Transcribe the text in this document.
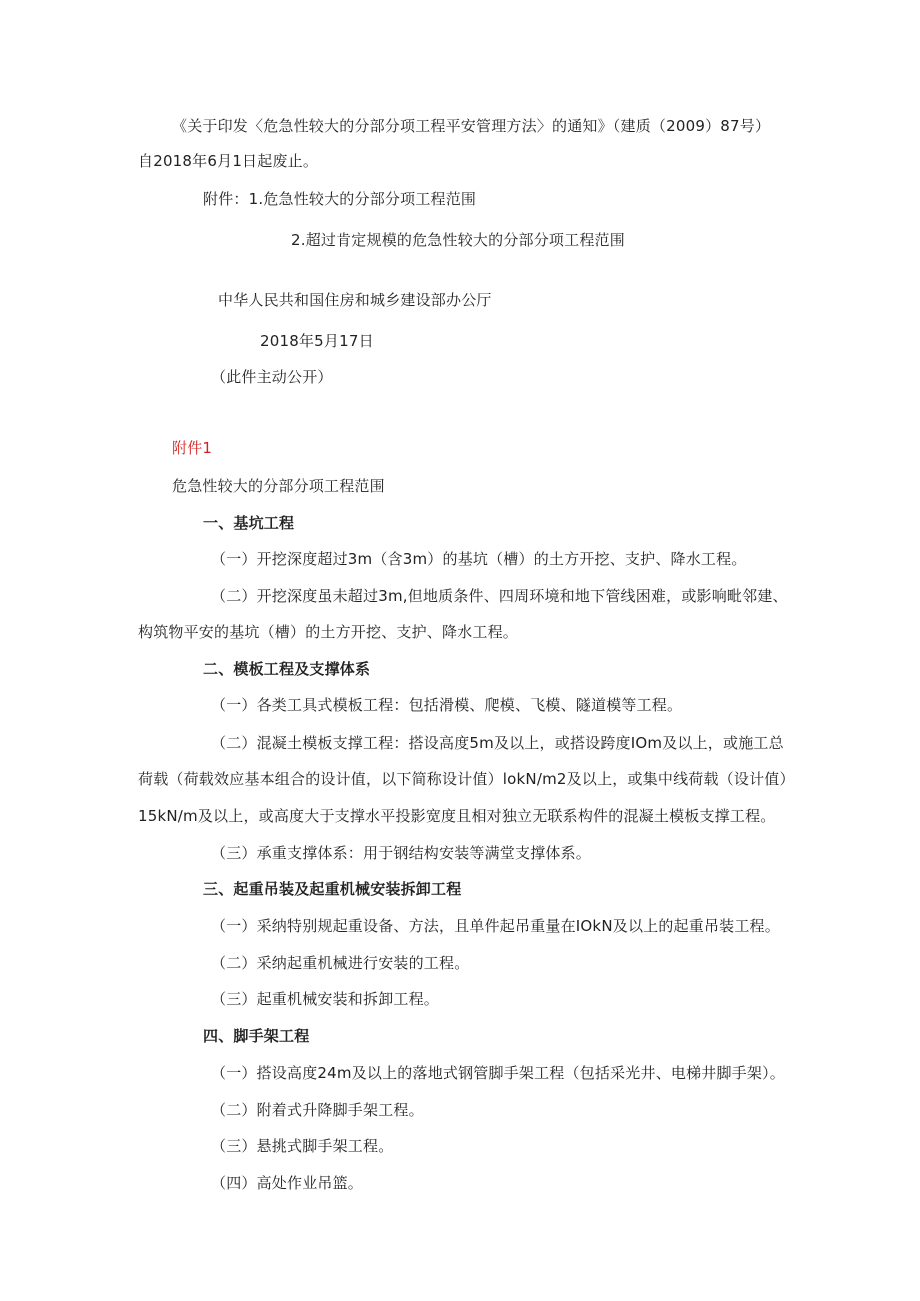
《关于印发〈危急性较大的分部分项工程平安管理方法〉的通知》（建质（2009）87号）
自2018年6月1日起废止。
附件：1.危急性较大的分部分项工程范围
2.超过肯定规模的危急性较大的分部分项工程范围
中华人民共和国住房和城乡建设部办公厅
2018年5月17日
（此件主动公开）
附件1
危急性较大的分部分项工程范围
一、基坑工程
（一）开挖深度超过3m（含3m）的基坑（槽）的土方开挖、支护、降水工程。
（二）开挖深度虽未超过3m,但地质条件、四周环境和地下管线困难，或影响毗邻建、
构筑物平安的基坑（槽）的土方开挖、支护、降水工程。
二、模板工程及支撑体系
（一）各类工具式模板工程：包括滑模、爬模、飞模、隧道模等工程。
（二）混凝土模板支撑工程：搭设高度5m及以上，或搭设跨度IOm及以上，或施工总
荷载（荷载效应基本组合的设计值，以下简称设计值）lokN/m2及以上，或集中线荷载（设计值）
15kN∕m及以上，或高度大于支撑水平投影宽度且相对独立无联系构件的混凝土模板支撑工程。
（三）承重支撑体系：用于钢结构安装等满堂支撑体系。
三、起重吊装及起重机械安装拆卸工程
（一）采纳特别规起重设备、方法，且单件起吊重量在IOkN及以上的起重吊装工程。
（二）采纳起重机械进行安装的工程。
（三）起重机械安装和拆卸工程。
四、脚手架工程
（一）搭设高度24m及以上的落地式钢管脚手架工程（包括采光井、电梯井脚手架）。
（二）附着式升降脚手架工程。
（三）悬挑式脚手架工程。
（四）高处作业吊篮。
